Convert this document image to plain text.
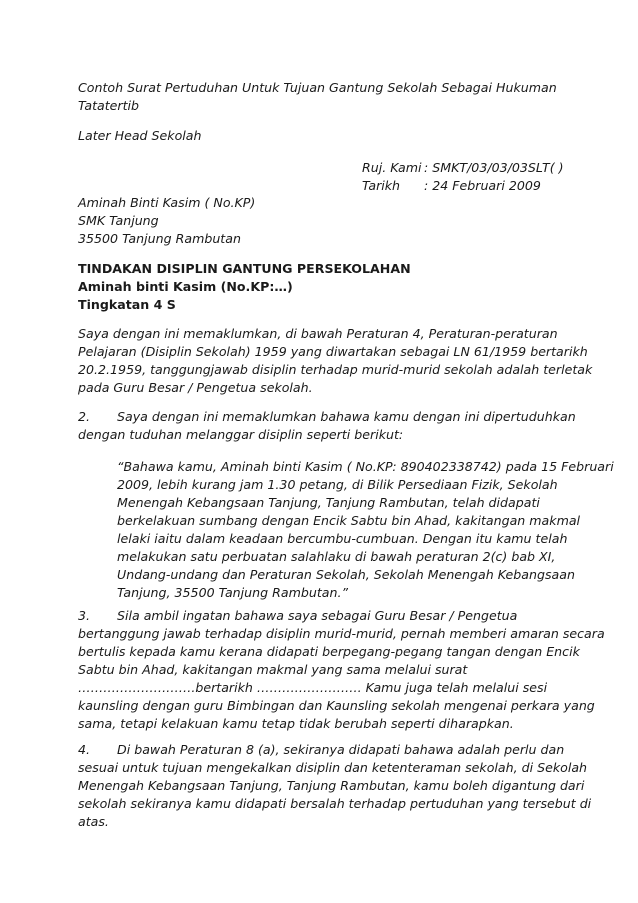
Contoh Surat Pertuduhan Untuk Tujuan Gantung Sekolah Sebagai Hukuman
Tatatertib
Later Head Sekolah
Ruj. Kami : SMKT/03/03/03SLT( )
Tarikh : 24 Februari 2009
Aminah Binti Kasim ( No.KP)
SMK Tanjung
35500 Tanjung Rambutan
TINDAKAN DISIPLIN GANTUNG PERSEKOLAHAN
Aminah binti Kasim (No.KP:…)
Tingkatan 4 S
Saya dengan ini memaklumkan, di bawah Peraturan 4, Peraturan-peraturan
Pelajaran (Disiplin Sekolah) 1959 yang diwartakan sebagai LN 61/1959 bertarikh
20.2.1959, tanggungjawab disiplin terhadap murid-murid sekolah adalah terletak
pada Guru Besar / Pengetua sekolah.
2. Saya dengan ini memaklumkan bahawa kamu dengan ini dipertuduhkan
dengan tuduhan melanggar disiplin seperti berikut:
“Bahawa kamu, Aminah binti Kasim ( No.KP: 890402338742) pada 15 Februari
2009, lebih kurang jam 1.30 petang, di Bilik Persediaan Fizik, Sekolah
Menengah Kebangsaan Tanjung, Tanjung Rambutan, telah didapati
berkelakuan sumbang dengan Encik Sabtu bin Ahad, kakitangan makmal
lelaki iaitu dalam keadaan bercumbu-cumbuan. Dengan itu kamu telah
melakukan satu perbuatan salahlaku di bawah peraturan 2(c) bab XI,
Undang-undang dan Peraturan Sekolah, Sekolah Menengah Kebangsaan
Tanjung, 35500 Tanjung Rambutan.”
3. Sila ambil ingatan bahawa saya sebagai Guru Besar / Pengetua
bertanggung jawab terhadap disiplin murid-murid, pernah memberi amaran secara
bertulis kepada kamu kerana didapati berpegang-pegang tangan dengan Encik
Sabtu bin Ahad, kakitangan makmal yang sama melalui surat
……………………….bertarikh ……………………. Kamu juga telah melalui sesi
kaunsling dengan guru Bimbingan dan Kaunsling sekolah mengenai perkara yang
sama, tetapi kelakuan kamu tetap tidak berubah seperti diharapkan.
4. Di bawah Peraturan 8 (a), sekiranya didapati bahawa adalah perlu dan
sesuai untuk tujuan mengekalkan disiplin dan ketenteraman sekolah, di Sekolah
Menengah Kebangsaan Tanjung, Tanjung Rambutan, kamu boleh digantung dari
sekolah sekiranya kamu didapati bersalah terhadap pertuduhan yang tersebut di
atas.
